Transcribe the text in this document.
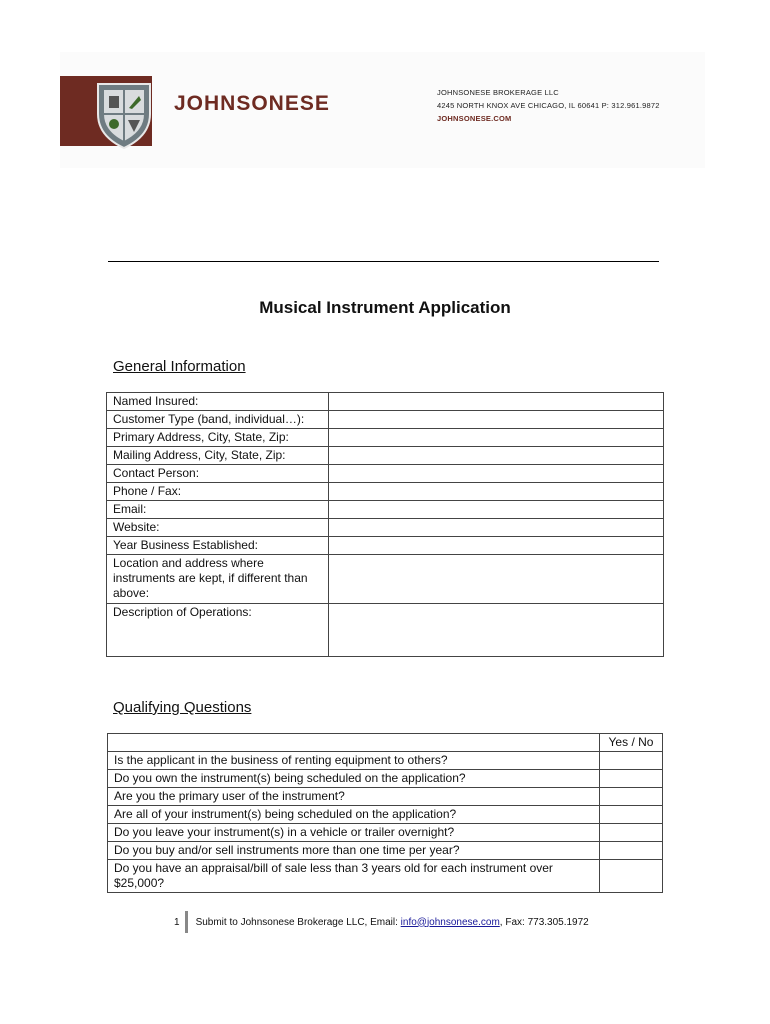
JOHNSONESE	JOHNSONESE BROKERAGE LLC
4245 NORTH KNOX AVE CHICAGO, IL 60641 P: 312.961.9872
JOHNSONESE.COM
Musical Instrument Application
General Information
Named Insured:	
Customer Type (band, individual…):	
Primary Address, City, State, Zip:	
Mailing Address, City, State, Zip:	
Contact Person:	
Phone / Fax:	
Email:	
Website:	
Year Business Established:	
Location and address where instruments are kept, if different than above:	
Description of Operations:	
Qualifying Questions
	Yes / No
Is the applicant in the business of renting equipment to others?	
Do you own the instrument(s) being scheduled on the application?	
Are you the primary user of the instrument?	
Are all of your instrument(s) being scheduled on the application?	
Do you leave your instrument(s) in a vehicle or trailer overnight?	
Do you buy and/or sell instruments more than one time per year?	
Do you have an appraisal/bill of sale less than 3 years old for each instrument over $25,000?	
1 Submit to Johnsonese Brokerage LLC, Email: info@johnsonese.com, Fax: 773.305.1972
